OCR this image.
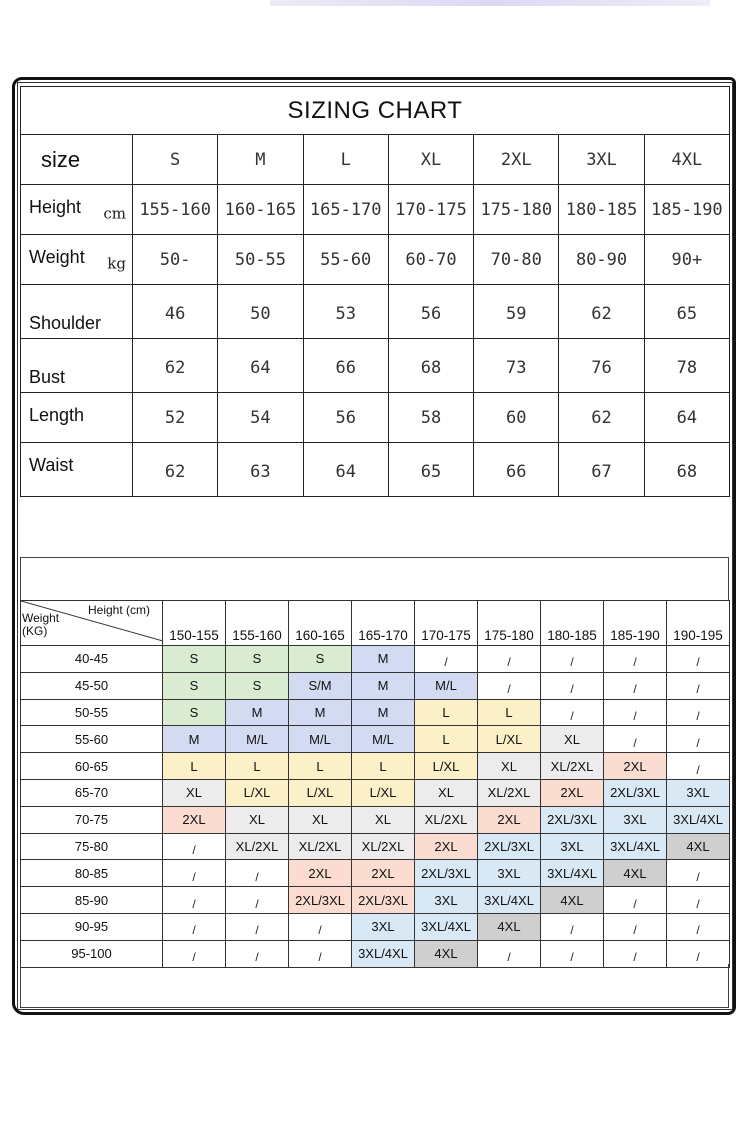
SIZING CHART							
size	S	M	L	XL	2XL	3XL	4XL

Height cm	155-160	160-165	165-170	170-175	175-180	180-185	185-190

Weight kg	50-	50-55	55-60	60-70	70-80	80-90	90+

Shoulder	46	50	53	56	59	62	65

Bust	62	64	66	68	73	76	78

Length	52	54	56	58	60	62	64

Waist	62	63	64	65	66	67	68
Height (cm)
Weight
(KG)	150-155	155-160	160-165	165-170	170-175	175-180	180-185	185-190	190-195
40-45	S	S	S	M	/	/	/	/	/
45-50	S	S	S/M	M	M/L	/	/	/	/
50-55	S	M	M	M	L	L	/	/	/
55-60	M	M/L	M/L	M/L	L	L/XL	XL	/	/
60-65	L	L	L	L	L/XL	XL	XL/2XL	2XL	/
65-70	XL	L/XL	L/XL	L/XL	XL	XL/2XL	2XL	2XL/3XL	3XL
70-75	2XL	XL	XL	XL	XL/2XL	2XL	2XL/3XL	3XL	3XL/4XL
75-80	/	XL/2XL	XL/2XL	XL/2XL	2XL	2XL/3XL	3XL	3XL/4XL	4XL
80-85	/	/	2XL	2XL	2XL/3XL	3XL	3XL/4XL	4XL	/
85-90	/	/	2XL/3XL	2XL/3XL	3XL	3XL/4XL	4XL	/	/
90-95	/	/	/	3XL	3XL/4XL	4XL	/	/	/
95-100	/	/	/	3XL/4XL	4XL	/	/	/	/
